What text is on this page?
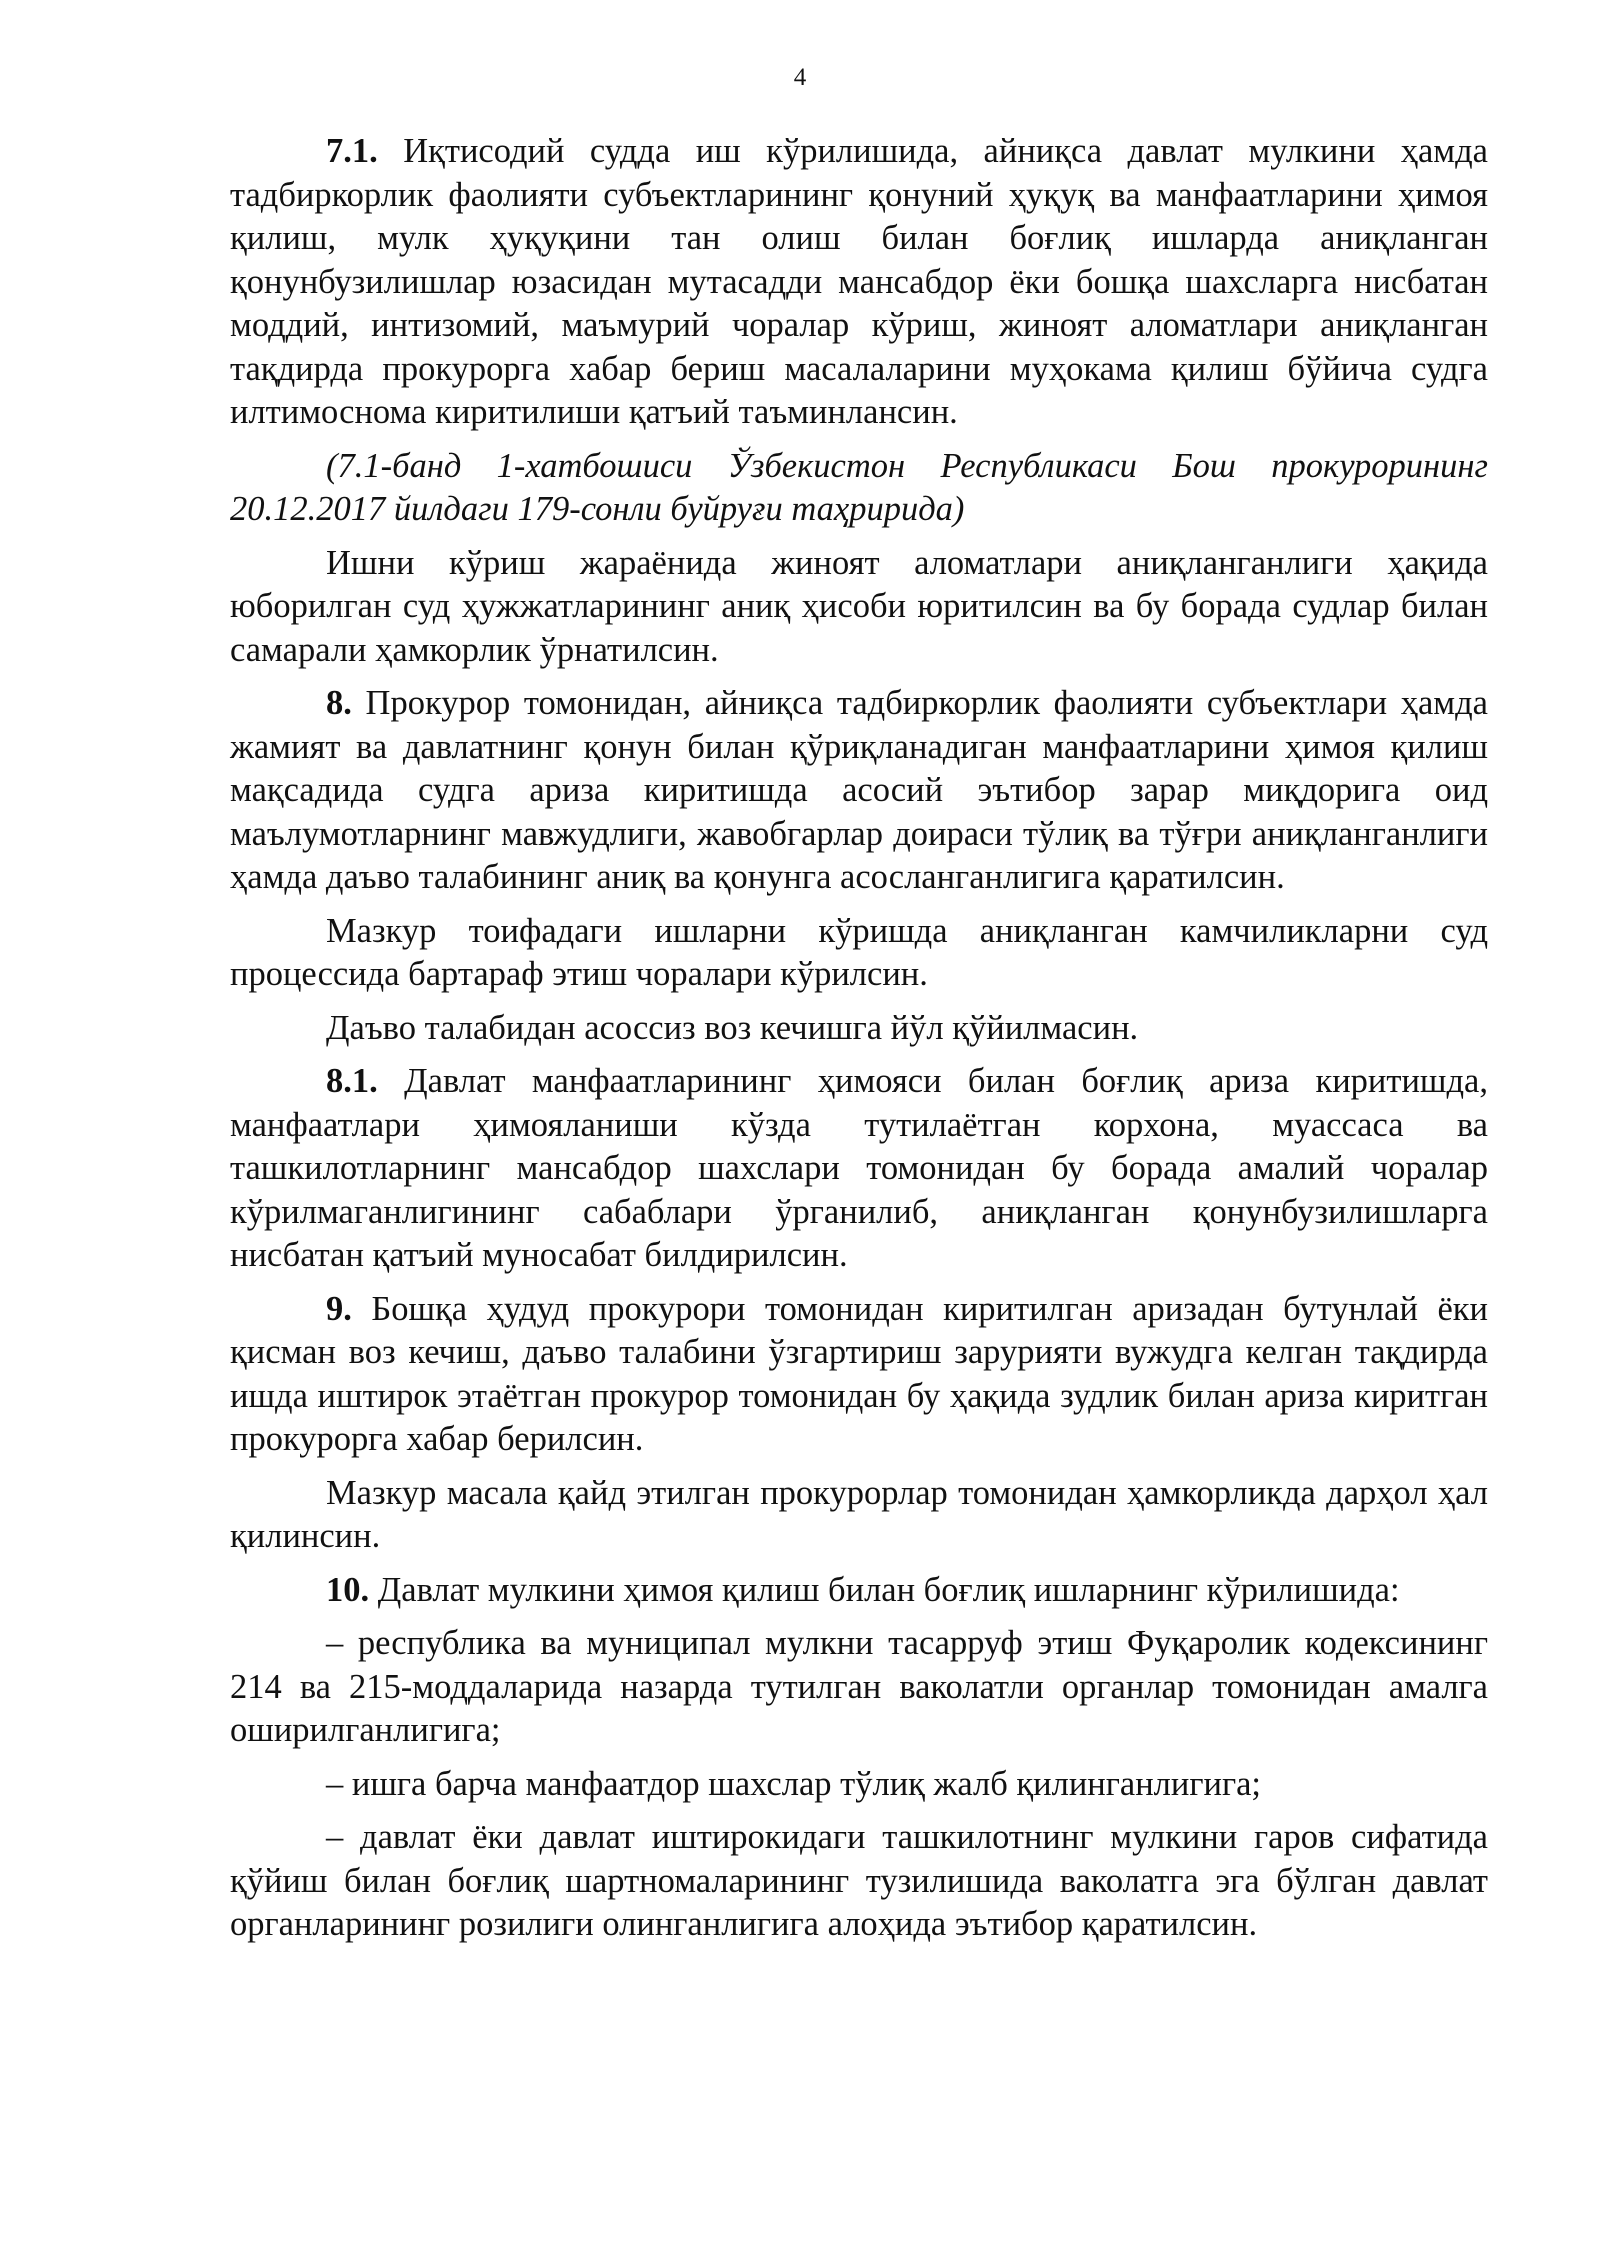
4

7.1. Иқтисодий судда иш кўрилишида, айниқса давлат мулкини ҳамда тадбиркорлик фаолияти субъектларининг қонуний ҳуқуқ ва манфаатларини ҳимоя қилиш, мулк ҳуқуқини тан олиш билан боғлиқ ишларда аниқланган қонунбузилишлар юзасидан мутасадди мансабдор ёки бошқа шахсларга нисбатан моддий, интизомий, маъмурий чоралар кўриш, жиноят аломатлари аниқланган тақдирда прокурорга хабар бериш масалаларини муҳокама қилиш бўйича судга илтимоснома киритилиши қатъий таъминлансин.

(7.1-банд 1-хатбошиси Ўзбекистон Республикаси Бош прокурорининг 20.12.2017 йилдаги 179-сонли буйруғи таҳририда)

Ишни кўриш жараёнида жиноят аломатлари аниқланганлиги ҳақида юборилган суд ҳужжатларининг аниқ ҳисоби юритилсин ва бу борада судлар билан самарали ҳамкорлик ўрнатилсин.

8. Прокурор томонидан, айниқса тадбиркорлик фаолияти субъектлари ҳамда жамият ва давлатнинг қонун билан қўриқланадиган манфаатларини ҳимоя қилиш мақсадида судга ариза киритишда асосий эътибор зарар миқдорига оид маълумотларнинг мавжудлиги, жавобгарлар доираси тўлиқ ва тўғри аниқланганлиги ҳамда даъво талабининг аниқ ва қонунга асосланганлигига қаратилсин.

Мазкур тоифадаги ишларни кўришда аниқланган камчиликларни суд процессида бартараф этиш чоралари кўрилсин.

Даъво талабидан асоссиз воз кечишга йўл қўйилмасин.

8.1. Давлат манфаатларининг ҳимояси билан боғлиқ ариза киритишда, манфаатлари ҳимояланиши кўзда тутилаётган корхона, муассаса ва ташкилотларнинг мансабдор шахслари томонидан бу борада амалий чоралар кўрилмаганлигининг сабаблари ўрганилиб, аниқланган қонунбузилишларга нисбатан қатъий муносабат билдирилсин.

9. Бошқа ҳудуд прокурори томонидан киритилган аризадан бутунлай ёки қисман воз кечиш, даъво талабини ўзгартириш зарурияти вужудга келган тақдирда ишда иштирок этаётган прокурор томонидан бу ҳақида зудлик билан ариза киритган прокурорга хабар берилсин.

Мазкур масала қайд этилган прокурорлар томонидан ҳамкорликда дарҳол ҳал қилинсин.

10. Давлат мулкини ҳимоя қилиш билан боғлиқ ишларнинг кўрилишида:

– республика ва муниципал мулкни тасарруф этиш Фуқаролик кодексининг 214 ва 215-моддаларида назарда тутилган ваколатли органлар томонидан амалга оширилганлигига;

– ишга барча манфаатдор шахслар тўлиқ жалб қилинганлигига;

– давлат ёки давлат иштирокидаги ташкилотнинг мулкини гаров сифатида қўйиш билан боғлиқ шартномаларининг тузилишида ваколатга эга бўлган давлат органларининг розилиги олинганлигига алоҳида эътибор қаратилсин.
